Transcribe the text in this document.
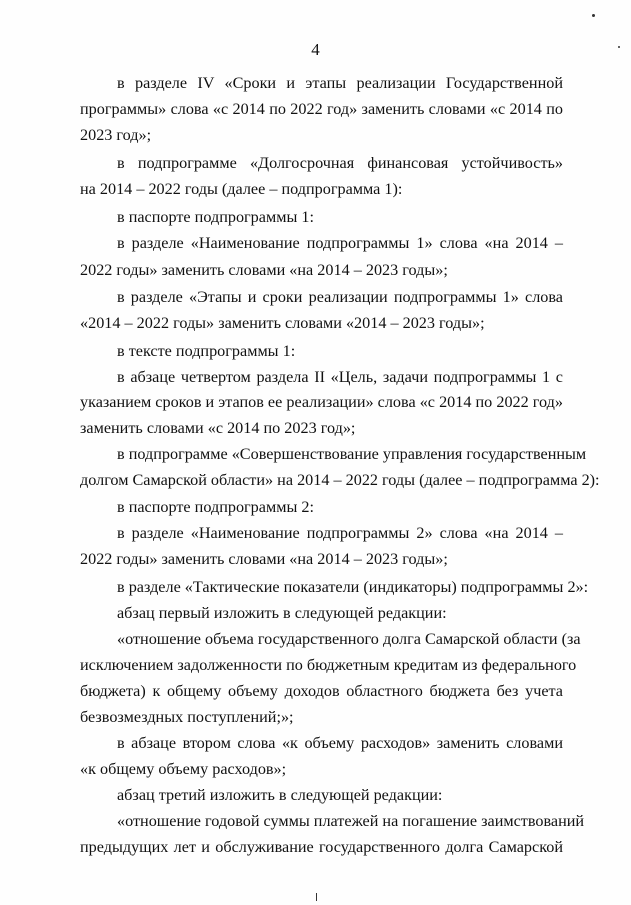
4
в разделе IV «Сроки и этапы реализации Государственной
программы» слова «с 2014 по 2022 год» заменить словами «с 2014 по
2023 год»;
в подпрограмме «Долгосрочная финансовая устойчивость»
на 2014 – 2022 годы (далее – подпрограмма 1):
в паспорте подпрограммы 1:
в разделе «Наименование подпрограммы 1» слова «на 2014 –
2022 годы» заменить словами «на 2014 – 2023 годы»;
в разделе «Этапы и сроки реализации подпрограммы 1» слова
«2014 – 2022 годы» заменить словами «2014 – 2023 годы»;
в тексте подпрограммы 1:
в абзаце четвертом раздела II «Цель, задачи подпрограммы 1 с
указанием сроков и этапов ее реализации» слова «с 2014 по 2022 год»
заменить словами «с 2014 по 2023 год»;
в подпрограмме «Совершенствование управления государственным
долгом Самарской области» на 2014 – 2022 годы (далее – подпрограмма 2):
в паспорте подпрограммы 2:
в разделе «Наименование подпрограммы 2» слова «на 2014 –
2022 годы» заменить словами «на 2014 – 2023 годы»;
в разделе «Тактические показатели (индикаторы) подпрограммы 2»:
абзац первый изложить в следующей редакции:
«отношение объема государственного долга Самарской области (за
исключением задолженности по бюджетным кредитам из федерального
бюджета) к общему объему доходов областного бюджета без учета
безвозмездных поступлений;»;
в абзаце втором слова «к объему расходов» заменить словами
«к общему объему расходов»;
абзац третий изложить в следующей редакции:
«отношение годовой суммы платежей на погашение заимствований
предыдущих лет и обслуживание государственного долга Самарской
